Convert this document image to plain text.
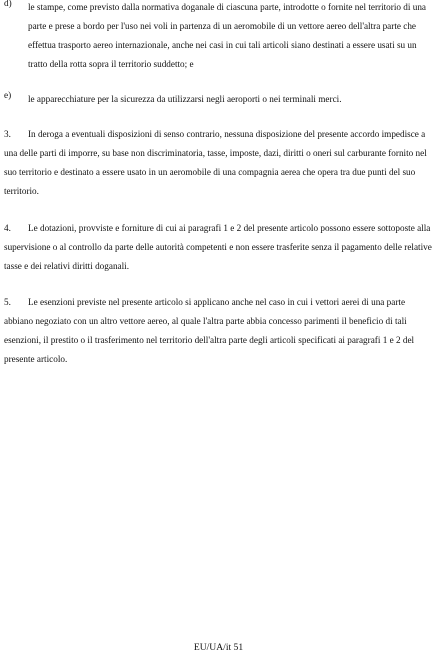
d)	le stampe, come previsto dalla normativa doganale di ciascuna parte, introdotte o fornite nel territorio di una parte e prese a bordo per l'uso nei voli in partenza di un aeromobile di un vettore aereo dell'altra parte che effettua trasporto aereo internazionale, anche nei casi in cui tali articoli siano destinati a essere usati su un tratto della rotta sopra il territorio suddetto; e
e)	le apparecchiature per la sicurezza da utilizzarsi negli aeroporti o nei terminali merci.

3. In deroga a eventuali disposizioni di senso contrario, nessuna disposizione del presente accordo impedisce a una delle parti di imporre, su base non discriminatoria, tasse, imposte, dazi, diritti o oneri sul carburante fornito nel suo territorio e destinato a essere usato in un aeromobile di una compagnia aerea che opera tra due punti del suo territorio.

4. Le dotazioni, provviste e forniture di cui ai paragrafi 1 e 2 del presente articolo possono essere sottoposte alla supervisione o al controllo da parte delle autorità competenti e non essere trasferite senza il pagamento delle relative tasse e dei relativi diritti doganali.

5. Le esenzioni previste nel presente articolo si applicano anche nel caso in cui i vettori aerei di una parte abbiano negoziato con un altro vettore aereo, al quale l'altra parte abbia concesso parimenti il beneficio di tali esenzioni, il prestito o il trasferimento nel territorio dell'altra parte degli articoli specificati ai paragrafi 1 e 2 del presente articolo.

EU/UA/it 51
